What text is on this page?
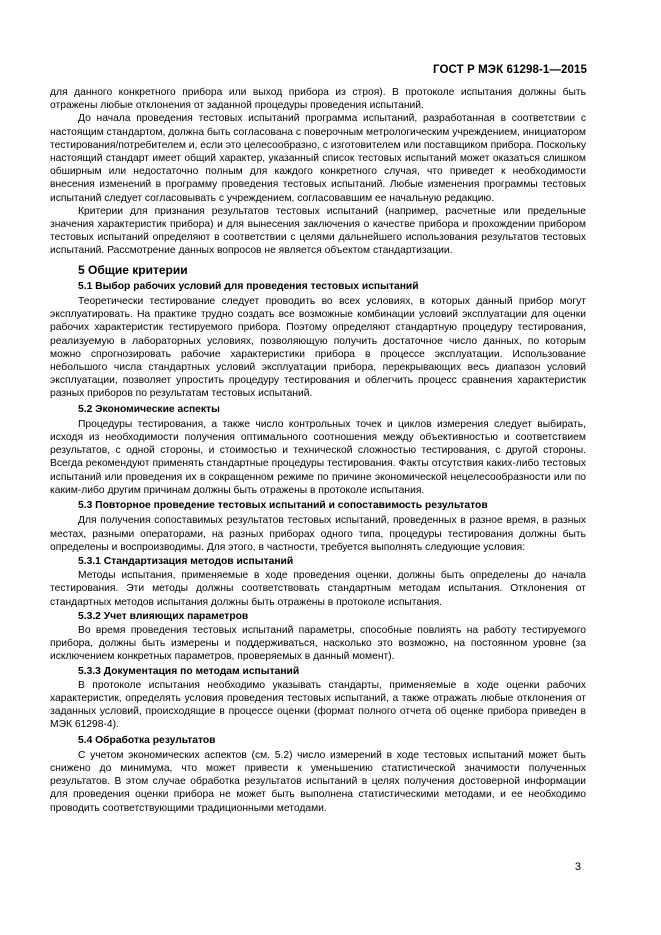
ГОСТ Р МЭК 61298-1—2015
для данного конкретного прибора или выход прибора из строя). В протоколе испытания должны быть отражены любые отклонения от заданной процедуры проведения испытаний.
До начала проведения тестовых испытаний программа испытаний, разработанная в соответствии с настоящим стандартом, должна быть согласована с поверочным метрологическим учреждением, инициатором тестирования/потребителем и, если это целесообразно, с изготовителем или поставщиком прибора. Поскольку настоящий стандарт имеет общий характер, указанный список тестовых испытаний может оказаться слишком обширным или недостаточно полным для каждого конкретного случая, что приведет к необходимости внесения изменений в программу проведения тестовых испытаний. Любые изменения программы тестовых испытаний следует согласовывать с учреждением, согласовавшим ее начальную редакцию.
Критерии для признания результатов тестовых испытаний (например, расчетные или предельные значения характеристик прибора) и для вынесения заключения о качестве прибора и прохождении прибором тестовых испытаний определяют в соответствии с целями дальнейшего использования результатов тестовых испытаний. Рассмотрение данных вопросов не является объектом стандартизации.
5 Общие критерии
5.1 Выбор рабочих условий для проведения тестовых испытаний
Теоретически тестирование следует проводить во всех условиях, в которых данный прибор могут эксплуатировать. На практике трудно создать все возможные комбинации условий эксплуатации для оценки рабочих характеристик тестируемого прибора. Поэтому определяют стандартную процедуру тестирования, реализуемую в лабораторных условиях, позволяющую получить достаточное число данных, по которым можно спрогнозировать рабочие характеристики прибора в процессе эксплуатации. Использование небольшого числа стандартных условий эксплуатации прибора, перекрывающих весь диапазон условий эксплуатации, позволяет упростить процедуру тестирования и облегчить процесс сравнения характеристик разных приборов по результатам тестовых испытаний.
5.2 Экономические аспекты
Процедуры тестирования, а также число контрольных точек и циклов измерения следует выбирать, исходя из необходимости получения оптимального соотношения между объективностью и соответствием результатов, с одной стороны, и стоимостью и технической сложностью тестирования, с другой стороны. Всегда рекомендуют применять стандартные процедуры тестирования. Факты отсутствия каких-либо тестовых испытаний или проведения их в сокращенном режиме по причине экономической нецелесообразности или по каким-либо другим причинам должны быть отражены в протоколе испытания.
5.3 Повторное проведение тестовых испытаний и сопоставимость результатов
Для получения сопоставимых результатов тестовых испытаний, проведенных в разное время, в разных местах, разными операторами, на разных приборах одного типа, процедуры тестирования должны быть определены и воспроизводимы. Для этого, в частности, требуется выполнять следующие условия:
5.3.1 Стандартизация методов испытаний
Методы испытания, применяемые в ходе проведения оценки, должны быть определены до начала тестирования. Эти методы должны соответствовать стандартным методам испытания. Отклонения от стандартных методов испытания должны быть отражены в протоколе испытания.
5.3.2 Учет влияющих параметров
Во время проведения тестовых испытаний параметры, способные повлиять на работу тестируемого прибора, должны быть измерены и поддерживаться, насколько это возможно, на постоянном уровне (за исключением конкретных параметров, проверяемых в данный момент).
5.3.3 Документация по методам испытаний
В протоколе испытания необходимо указывать стандарты, применяемые в ходе оценки рабочих характеристик, определять условия проведения тестовых испытаний, а также отражать любые отклонения от заданных условий, происходящие в процессе оценки (формат полного отчета об оценке прибора приведен в МЭК 61298-4).
5.4 Обработка результатов
С учетом экономических аспектов (см. 5.2) число измерений в ходе тестовых испытаний может быть снижено до минимума, что может привести к уменьшению статистической значимости полученных результатов. В этом случае обработка результатов испытаний в целях получения достоверной информации для проведения оценки прибора не может быть выполнена статистическими методами, и ее необходимо проводить соответствующими традиционными методами.
3
